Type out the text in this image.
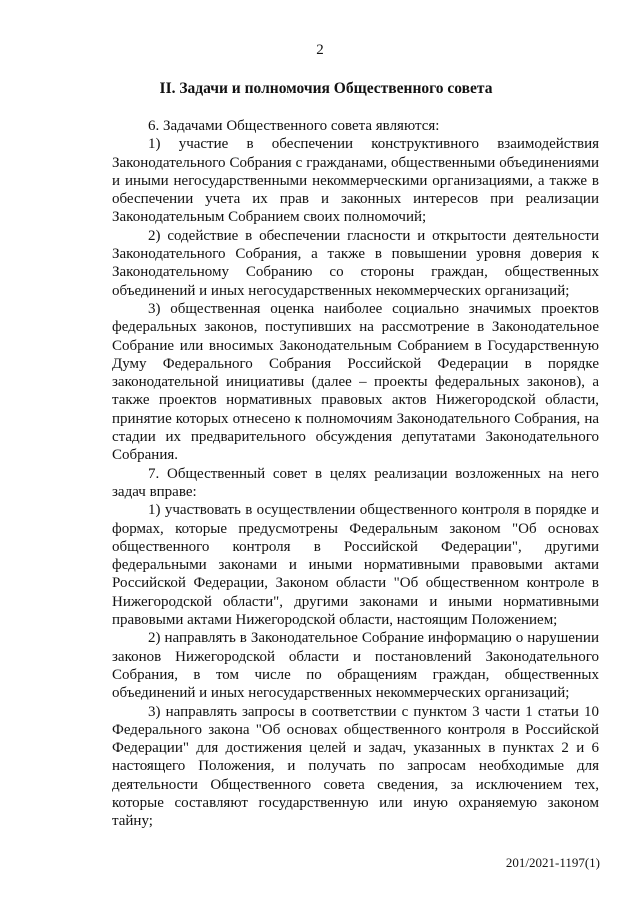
2
II. Задачи и полномочия Общественного совета

6. Задачами Общественного совета являются:

1) участие в обеспечении конструктивного взаимодействия Законодательного Собрания с гражданами, общественными объединениями и иными негосударственными некоммерческими организациями, а также в обеспечении учета их прав и законных интересов при реализации Законодательным Собранием своих полномочий;

2) содействие в обеспечении гласности и открытости деятельности Законодательного Собрания, а также в повышении уровня доверия к Законодательному Собранию со стороны граждан, общественных объединений и иных негосударственных некоммерческих организаций;

3) общественная оценка наиболее социально значимых проектов федеральных законов, поступивших на рассмотрение в Законодательное Собрание или вносимых Законодательным Собранием в Государственную Думу Федерального Собрания Российской Федерации в порядке законодательной инициативы (далее – проекты федеральных законов), а также проектов нормативных правовых актов Нижегородской области, принятие которых отнесено к полномочиям Законодательного Собрания, на стадии их предварительного обсуждения депутатами Законодательного Собрания.

7. Общественный совет в целях реализации возложенных на него задач вправе:

1) участвовать в осуществлении общественного контроля в порядке и формах, которые предусмотрены Федеральным законом "Об основах общественного контроля в Российской Федерации", другими федеральными законами и иными нормативными правовыми актами Российской Федерации, Законом области "Об общественном контроле в Нижегородской области", другими законами и иными нормативными правовыми актами Нижегородской области, настоящим Положением;

2) направлять в Законодательное Собрание информацию о нарушении законов Нижегородской области и постановлений Законодательного Собрания, в том числе по обращениям граждан, общественных объединений и иных негосударственных некоммерческих организаций;

3) направлять запросы в соответствии с пунктом 3 части 1 статьи 10 Федерального закона "Об основах общественного контроля в Российской Федерации" для достижения целей и задач, указанных в пунктах 2 и 6 настоящего Положения, и получать по запросам необходимые для деятельности Общественного совета сведения, за исключением тех, которые составляют государственную или иную охраняемую законом тайну;

201/2021-1197(1)
